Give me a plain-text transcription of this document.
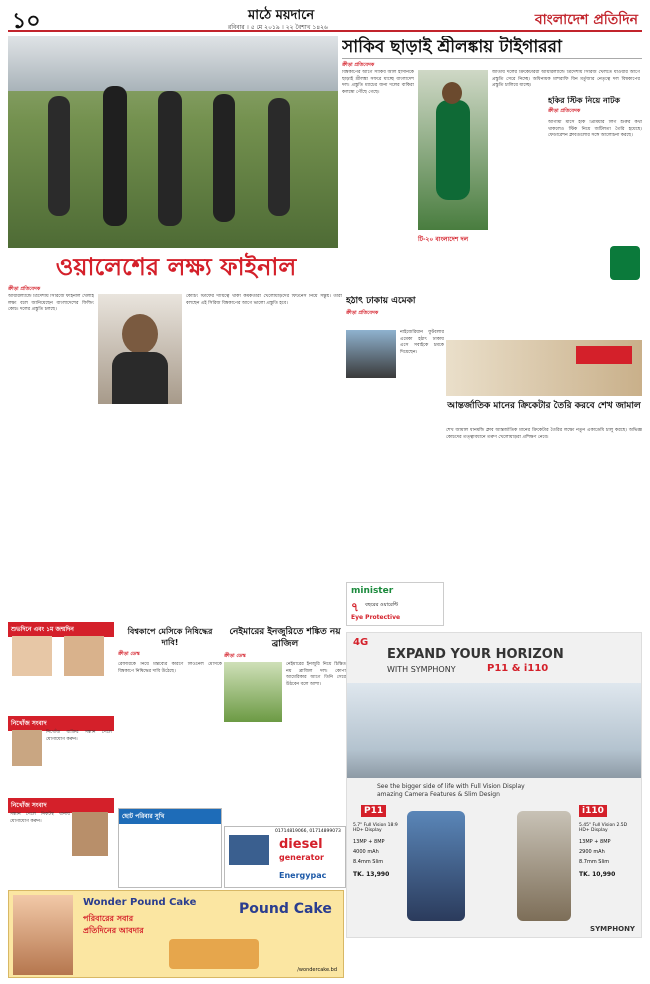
১০	মাঠে ময়দানে
রবিবার । ৫ মে ২০১৯ । ২২ বৈশাখ ১৪২৬	বাংলাদেশ প্রতিদিন
সাকিব ছাড়াই শ্রীলঙ্কায় টাইগাররা
ক্রীড়া প্রতিবেদক
বিশ্বকাপের আগে সাকিব আল হাসানকে ছাড়াই শ্রীলঙ্কা সফরে যাচ্ছে বাংলাদেশ দল। প্রস্তুতি ম্যাচের জন্য দলের বাকিরা কলম্বো পৌঁছে গেছে।
জাতীয় দলের ক্রিকেটাররা আয়ারল্যান্ডে ত্রিদেশীয় সিরিজ খেলতে যাওয়ার আগে প্রস্তুতি সেরে নিচ্ছে। অধিনায়ক মাশরাফি বিন মর্তুজার নেতৃত্বে দল বিশ্বকাপের প্রস্তুতি চালিয়ে যাচ্ছে।
টি-২০ বাংলাদেশ দল
হকির স্টিক নিয়ে নাটক
ক্রীড়া প্রতিবেদক
আগামী মাসে হকি প্রিমিয়ার লিগ শুরুর কথা থাকলেও স্টিক নিয়ে জটিলতা তৈরি হয়েছে। ফেডারেশন ক্লাবগুলোর সঙ্গে আলোচনা করছে।
ওয়ালেশের লক্ষ্য ফাইনাল
ক্রীড়া প্রতিবেদক
আয়ারল্যান্ডে ত্রিদেশীয় সিরিজে ফাইনাল খেলাই লক্ষ্য বলে জানিয়েছেন বাংলাদেশের ফিল্ডিং কোচ। দলের প্রস্তুতি চলছে।
কোচিং স্টাফের দায়িত্বে থাকা কর্মকর্তারা খেলোয়াড়দের ফিটনেস নিয়ে সন্তুষ্ট। তারা বলছেন এই সিরিজ বিশ্বকাপের আগে ভালো প্রস্তুতি হবে।	হঠাৎ ঢাকায় এমেকা
ক্রীড়া প্রতিবেদক
নাইজেরিয়ান ফুটবলার এমেকা হঠাৎ ঢাকায় এসে সবাইকে চমকে দিয়েছেন।
আন্তর্জাতিক মানের ক্রিকেটার তৈরি করবে শেখ জামাল
শেখ জামাল ধানমন্ডি ক্লাব আন্তর্জাতিক মানের ক্রিকেটার তৈরির লক্ষ্যে নতুন একাডেমি চালু করছে। অভিজ্ঞ কোচদের তত্ত্বাবধানে তরুণ খেলোয়াড়রা প্রশিক্ষণ নেবে।
শুভদিনে এবং ১ম জন্মদিন
নিখোঁজ সংবাদ
নিখোঁজ ব্যক্তির সন্ধান পেলে যোগাযোগ করুন।
নিখোঁজ সংবাদ
সন্ধান পেলে নিকটস্থ থানায় যোগাযোগ করুন।
বিশ্বকাপে মেসিকে নিষিদ্ধের দাবি!
ক্রীড়া ডেস্ক
রেফারিকে নিয়ে মন্তব্যের কারণে লিওনেল মেসিকে বিশ্বকাপে নিষিদ্ধের দাবি উঠেছে।
নেইমারের ইনজুরিতে শঙ্কিত নয় ব্রাজিল
ক্রীড়া ডেস্ক
নেইমারের ইনজুরি নিয়ে চিন্তিত নয় ব্রাজিল দল। কোপা আমেরিকার আগে তিনি সেরে উঠবেন বলে আশা।
minister
৭ বছরের ওয়ারেন্টি
Eye Protective
ছোট পরিবার সুখি
01714819066, 01714899073
diesel
generator
Energypac
4G
EXPAND YOUR HORIZON
WITH SYMPHONY	P11 & i110
See the bigger side of life with Full Vision Display
amazing Camera Features & Slim Design
P11
5.7" Full Vision 18:9 HD+ Display
13MP + 8MP
4000 mAh
8.4mm Slim
TK. 13,990
i110
5.45" Full Vision 2.5D HD+ Display
13MP + 8MP
2900 mAh
8.7mm Slim
TK. 10,990
SYMPHONY
Wonder Pound Cake
পরিবারের সবার
প্রতিদিনের আবদার
Pound Cake
/wondercake.bd
